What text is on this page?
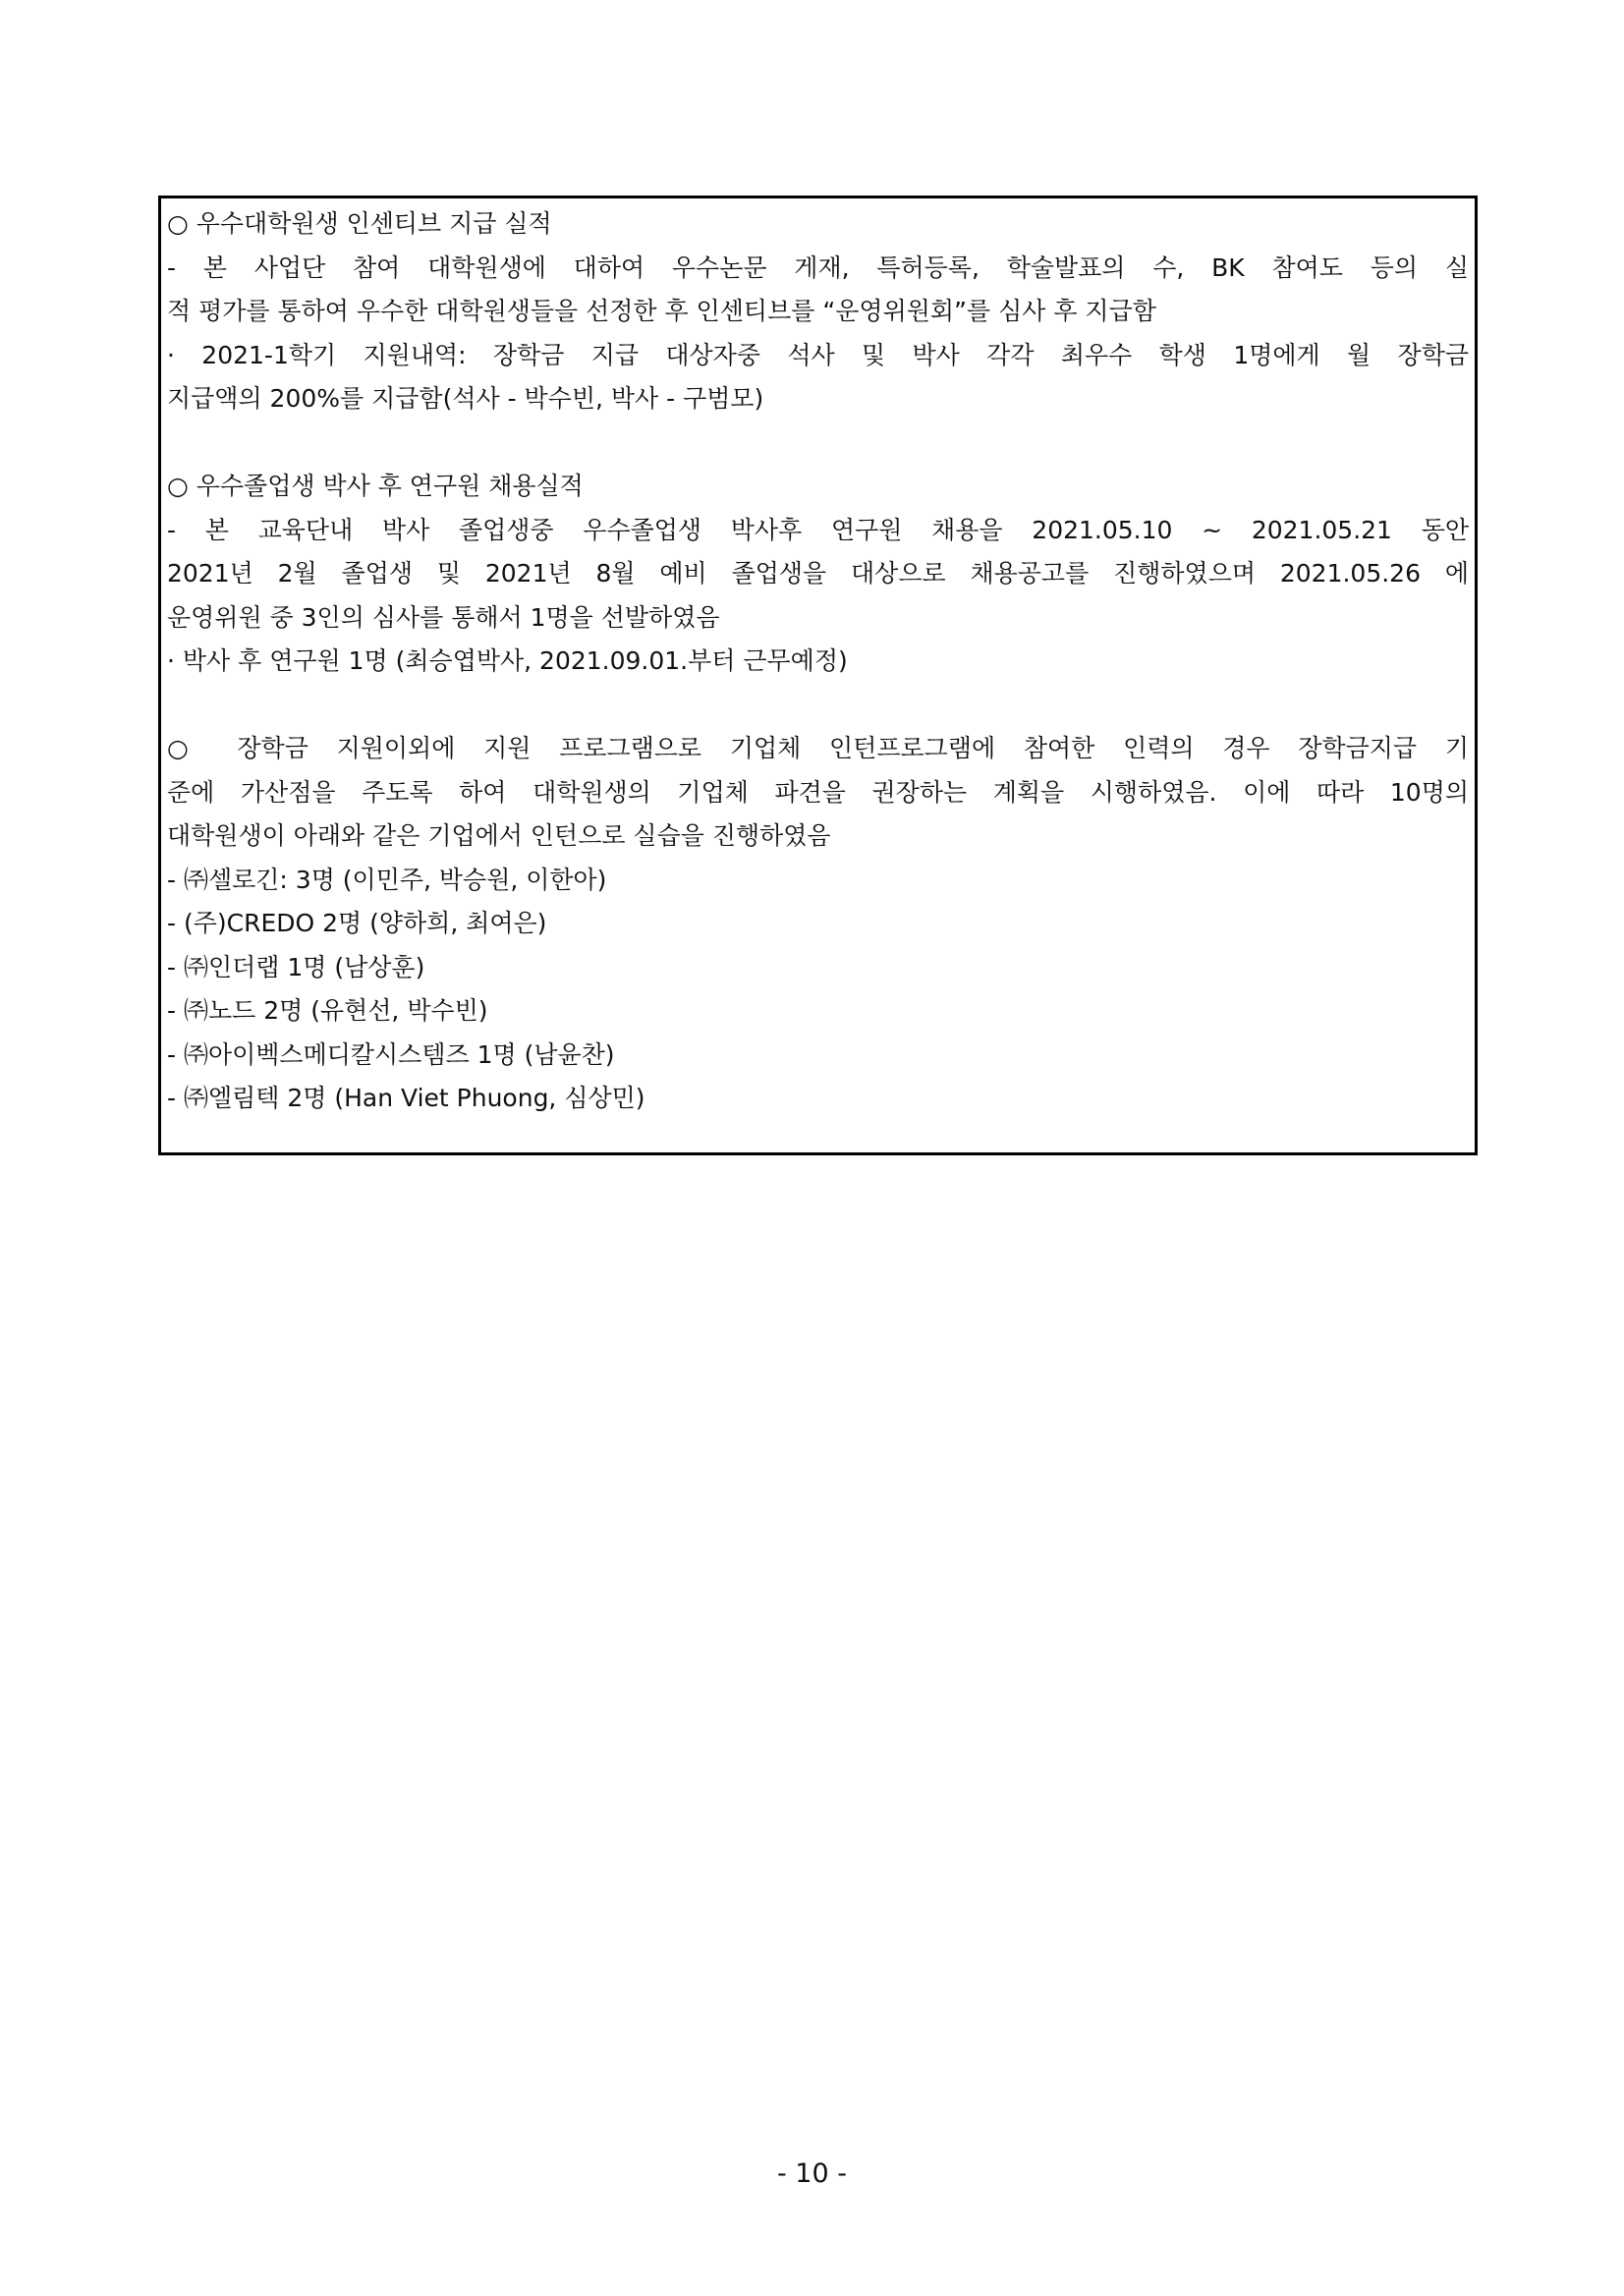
○ 우수대학원생 인센티브 지급 실적
- 본 사업단 참여 대학원생에 대하여 우수논문 게재, 특허등록, 학술발표의 수, BK 참여도 등의 실
적 평가를 통하여 우수한 대학원생들을 선정한 후 인센티브를 “운영위원회”를 심사 후 지급함
· 2021-1학기 지원내역: 장학금 지급 대상자중 석사 및 박사 각각 최우수 학생 1명에게 월 장학금
지급액의 200%를 지급함(석사 - 박수빈, 박사 - 구범모)
○ 우수졸업생 박사 후 연구원 채용실적
- 본 교육단내 박사 졸업생중 우수졸업생 박사후 연구원 채용을 2021.05.10 ~ 2021.05.21 동안
2021년 2월 졸업생 및 2021년 8월 예비 졸업생을 대상으로 채용공고를 진행하였으며 2021.05.26 에
운영위원 중 3인의 심사를 통해서 1명을 선발하였음
· 박사 후 연구원 1명 (최승엽박사, 2021.09.01.부터 근무예정)
○ 장학금 지원이외에 지원 프로그램으로 기업체 인턴프로그램에 참여한 인력의 경우 장학금지급 기
준에 가산점을 주도록 하여 대학원생의 기업체 파견을 권장하는 계획을 시행하였음. 이에 따라 10명의
대학원생이 아래와 같은 기업에서 인턴으로 실습을 진행하였음
- ㈜셀로긴: 3명 (이민주, 박승원, 이한아)
- (주)CREDO 2명 (양하희, 최여은)
- ㈜인더랩 1명 (남상훈)
- ㈜노드 2명 (유현선, 박수빈)
- ㈜아이벡스메디칼시스템즈 1명 (남윤찬)
- ㈜엘림텍 2명 (Han Viet Phuong, 심상민)
- 10 -
